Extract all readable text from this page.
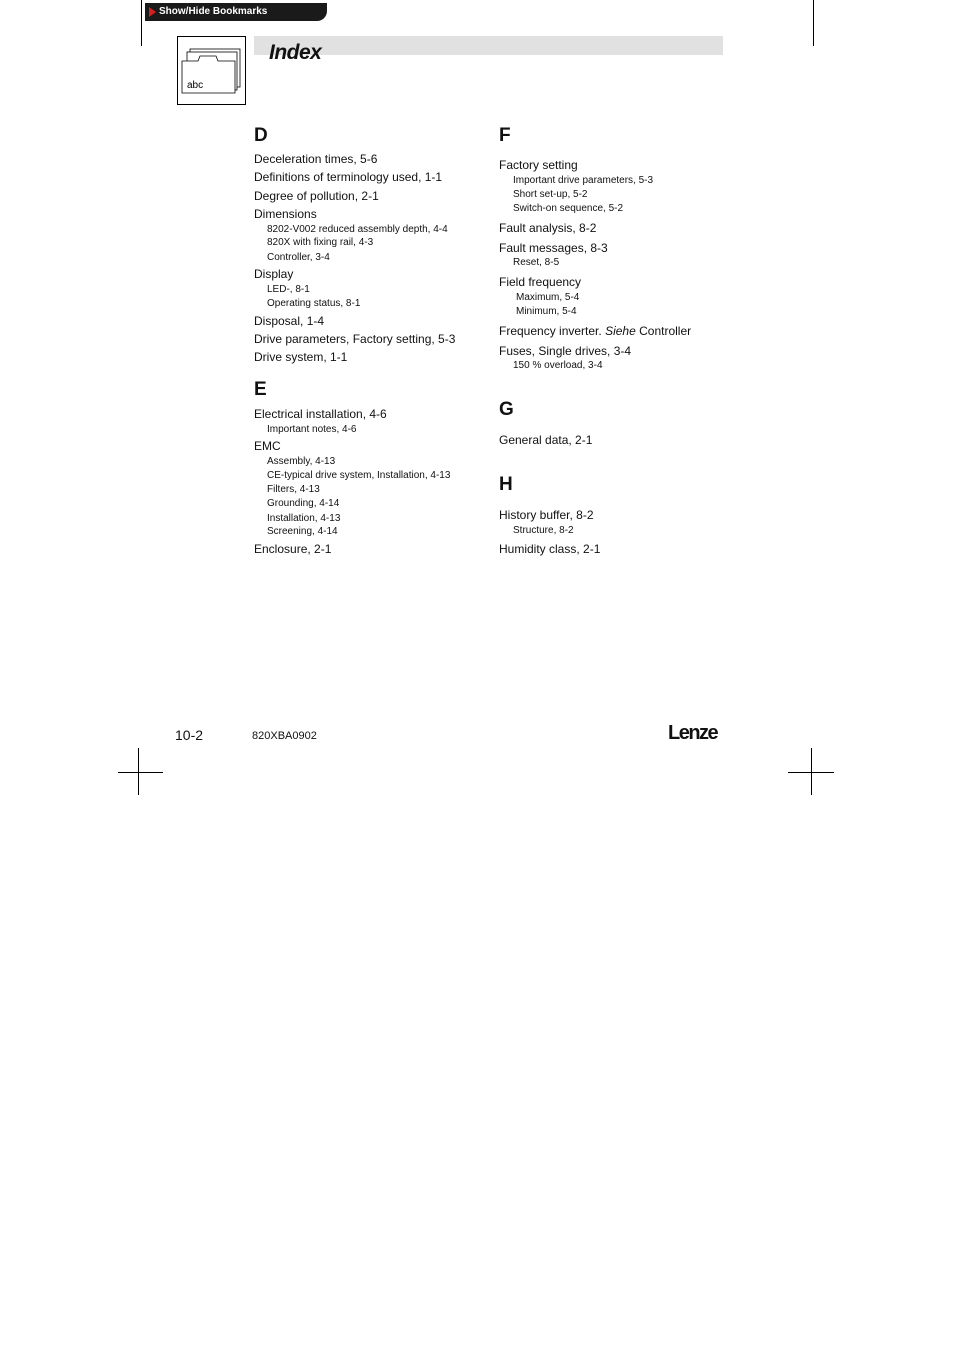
Show/Hide Bookmarks
abc
Index
D
Deceleration times, 5-6
Definitions of terminology used, 1-1
Degree of pollution, 2-1
Dimensions
8202-V002 reduced assembly depth, 4-4
820X with fixing rail, 4-3
Controller, 3-4
Display
LED-, 8-1
Operating status, 8-1
Disposal, 1-4
Drive parameters, Factory setting, 5-3
Drive system, 1-1
E
Electrical installation, 4-6
Important notes, 4-6
EMC
Assembly, 4-13
CE-typical drive system, Installation, 4-13
Filters, 4-13
Grounding, 4-14
Installation, 4-13
Screening, 4-14
Enclosure, 2-1
F
Factory setting
Important drive parameters, 5-3
Short set-up, 5-2
Switch-on sequence, 5-2
Fault analysis, 8-2
Fault messages, 8-3
Reset, 8-5
Field frequency
Maximum, 5-4
Minimum, 5-4
Frequency inverter. Siehe Controller
Fuses, Single drives, 3-4
150 % overload, 3-4
G
General data, 2-1
H
History buffer, 8-2
Structure, 8-2
Humidity class, 2-1
10-2	820XBA0902	Lenze
